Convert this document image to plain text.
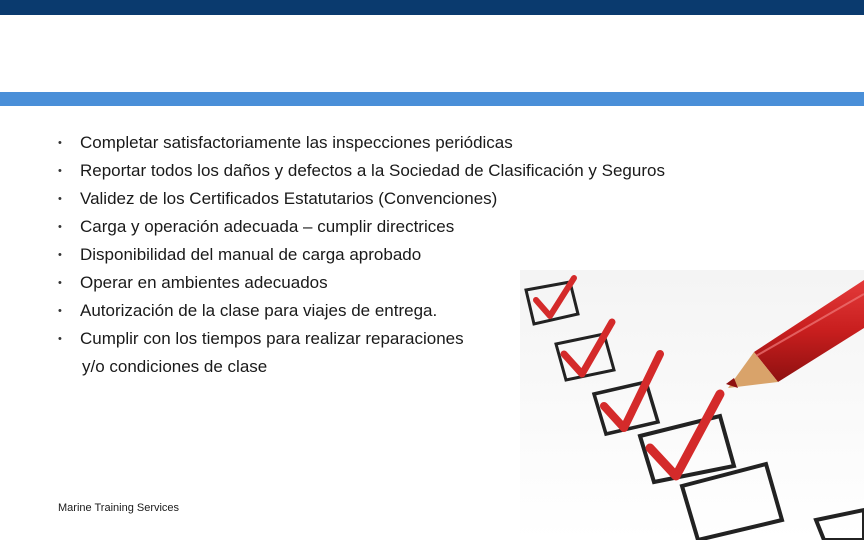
• Completar satisfactoriamente las inspecciones periódicas
• Reportar todos los daños y defectos a la Sociedad de Clasificación y Seguros
• Validez de los Certificados Estatutarios (Convenciones)
• Carga y operación adecuada – cumplir directrices
• Disponibilidad del manual de carga aprobado
• Operar en ambientes adecuados
• Autorización de la clase para viajes de entrega.
• Cumplir con los tiempos para realizar reparaciones
y/o condiciones de clase
Marine Training Services
